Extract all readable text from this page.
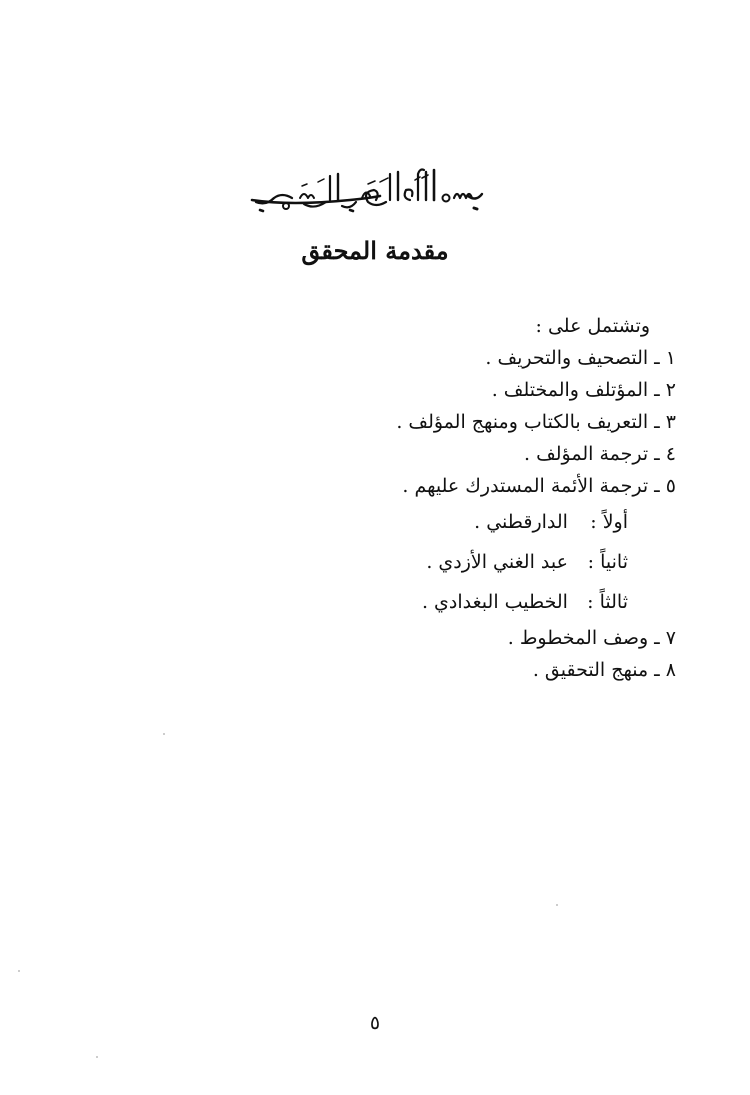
مقدمة المحقق
وتشتمل على :
١ ـ التصحيف والتحريف .
٢ ـ المؤتلف والمختلف .
٣ ـ التعريف بالكتاب ومنهج المؤلف .
٤ ـ ترجمة المؤلف .
٥ ـ ترجمة الأئمة المستدرك عليهم .
أولاً : الدارقطني .
ثانياً : عبد الغني الأزدي .
ثالثاً : الخطيب البغدادي .
٧ ـ وصف المخطوط .
٨ ـ منهج التحقيق .
٥
